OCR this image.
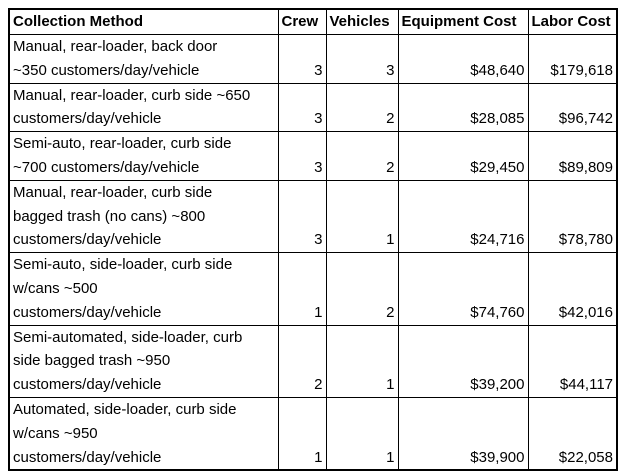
Collection Method	Crew	Vehicles	Equipment Cost	Labor Cost

Manual, rear-loader, back door
~350 customers/day/vehicle	3	3	$48,640	$179,618

Manual, rear-loader, curb side ~650
customers/day/vehicle	3	2	$28,085	$96,742

Semi-auto, rear-loader, curb side
~700 customers/day/vehicle	3	2	$29,450	$89,809

Manual, rear-loader, curb side
bagged trash (no cans) ~800
customers/day/vehicle	3	1	$24,716	$78,780

Semi-auto, side-loader, curb side
w/cans ~500
customers/day/vehicle	1	2	$74,760	$42,016

Semi-automated, side-loader, curb
side bagged trash ~950
customers/day/vehicle	2	1	$39,200	$44,117

Automated, side-loader, curb side
w/cans ~950
customers/day/vehicle	1	1	$39,900	$22,058
